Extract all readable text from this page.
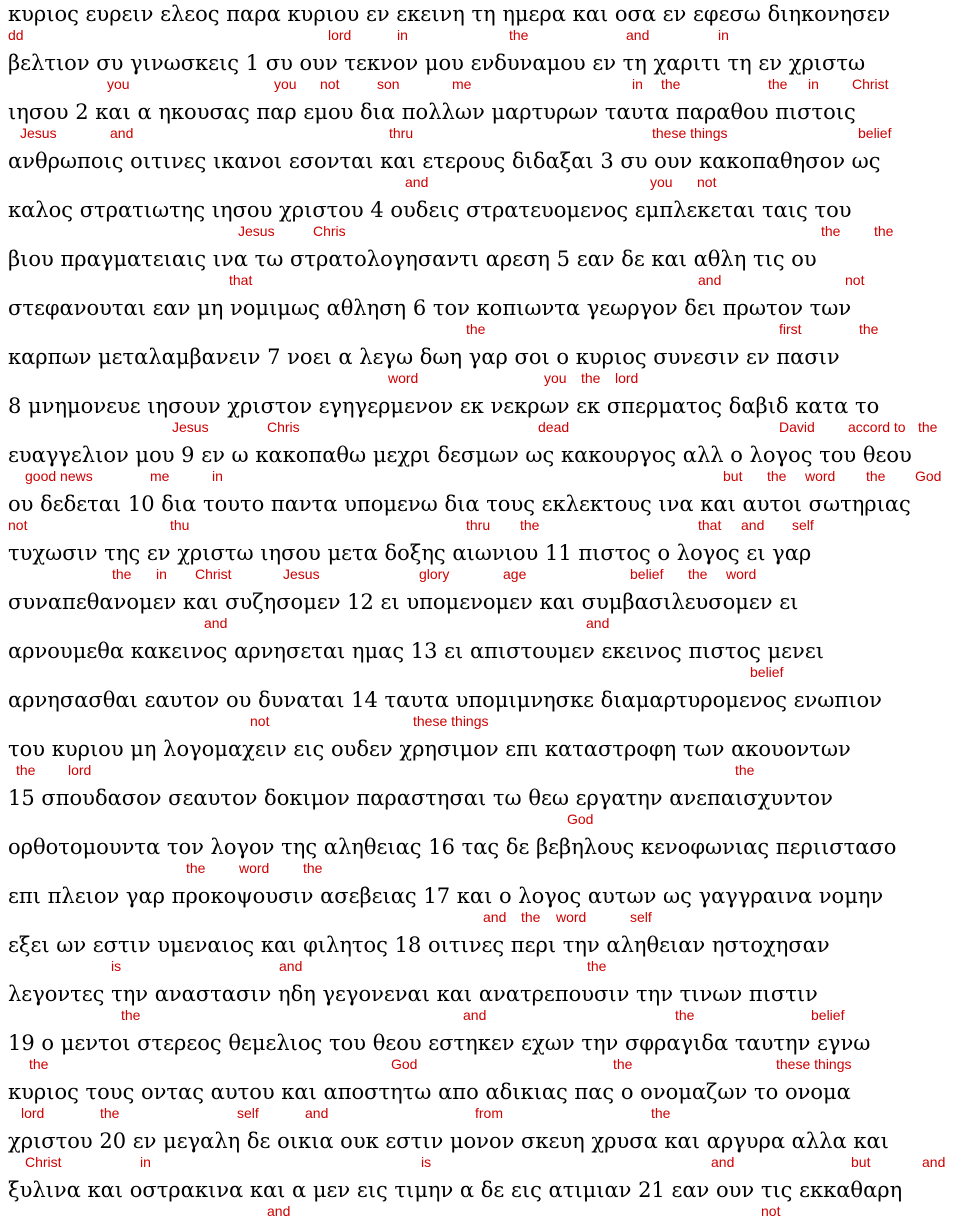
κυριος ευρειν ελεος παρα κυριου εν εκεινη τη ημερα και οσα εν εφεσω διηκονησεν
dd	lord	in	the	and	in
βελτιον συ γινωσκεις 1 συ ουν τεκνον μου ενδυναμου εν τη χαριτι τη εν χριστω
you	you not	son	me	in the	the in Christ
ιησου 2 και α ηκουσας παρ εμου δια πολλων μαρτυρων ταυτα παραθου πιστοις
Jesus	and	thru	these things	belief
ανθρωποις οιτινες ικανοι εσονται και ετερους διδαξαι 3 συ ουν κακοπαθησον ως
and	you not
καλος στρατιωτης ιησου χριστου 4 ουδεις στρατευομενος εμπλεκεται ταις του
Jesus	Chris	the the
βιου πραγματειαις ινα τω στρατολογησαντι αρεση 5 εαν δε και αθλη τις ου
that	and	not
στεφανουται εαν μη νομιμως αθληση 6 τον κοπιωντα γεωργον δει πρωτον των
the	first	the
καρπων μεταλαμβανειν 7 νοει α λεγω δωη γαρ σοι ο κυριος συνεσιν εν πασιν
word	you the lord
8 μνημονευε ιησουν χριστον εγηγερμενον εκ νεκρων εκ σπερματος δαβιδ κατα το
Jesus	Chris	dead	David accord to the
ευαγγελιον μου 9 εν ω κακοπαθω μεχρι δεσμων ως κακουργος αλλ ο λογος του θεου
good news	me	in	but the word the God
ου δεδεται 10 δια τουτο παντα υπομενω δια τους εκλεκτους ινα και αυτοι σωτηριας
not	thu	thru the	that and self
τυχωσιν της εν χριστω ιησου μετα δοξης αιωνιου 11 πιστος ο λογος ει γαρ
the in Christ	Jesus	glory	age	belief the word
συναπεθανομεν και συζησομεν 12 ει υπομενομεν και συμβασιλευσομεν ει
and	and
αρνουμεθα κακεινος αρνησεται ημας 13 ει απιστουμεν εκεινος πιστος μενει
belief
αρνησασθαι εαυτον ου δυναται 14 ταυτα υπομιμνησκε διαμαρτυρομενος ενωπιον
not	these things
του κυριου μη λογομαχειν εις ουδεν χρησιμον επι καταστροφη των ακουοντων
the lord	the
15 σπουδασον σεαυτον δοκιμον παραστησαι τω θεω εργατην ανεπαισχυντον
God
ορθοτομουντα τον λογον της αληθειας 16 τας δε βεβηλους κενοφωνιας περιιστασο
the word the
επι πλειον γαρ προκοψουσιν ασεβειας 17 και ο λογος αυτων ως γαγγραινα νομην
and the word	self
εξει ων εστιν υμεναιος και φιλητος 18 οιτινες περι την αληθειαν ηστοχησαν
is	and	the
λεγοντες την αναστασιν ηδη γεγονεναι και ανατρεπουσιν την τινων πιστιν
the	and	the	belief
19 ο μεντοι στερεος θεμελιος του θεου εστηκεν εχων την σφραγιδα ταυτην εγνω
the	God	the	these things
κυριος τους οντας αυτου και αποστητω απο αδικιας πας ο ονομαζων το ονομα
lord	the	self	and	from	the
χριστου 20 εν μεγαλη δε οικια ουκ εστιν μονον σκευη χρυσα και αργυρα αλλα και
Christ	in	is	and	but	and
ξυλινα και οστρακινα και α μεν εις τιμην α δε εις ατιμιαν 21 εαν ουν τις εκκαθαρη
and	not
